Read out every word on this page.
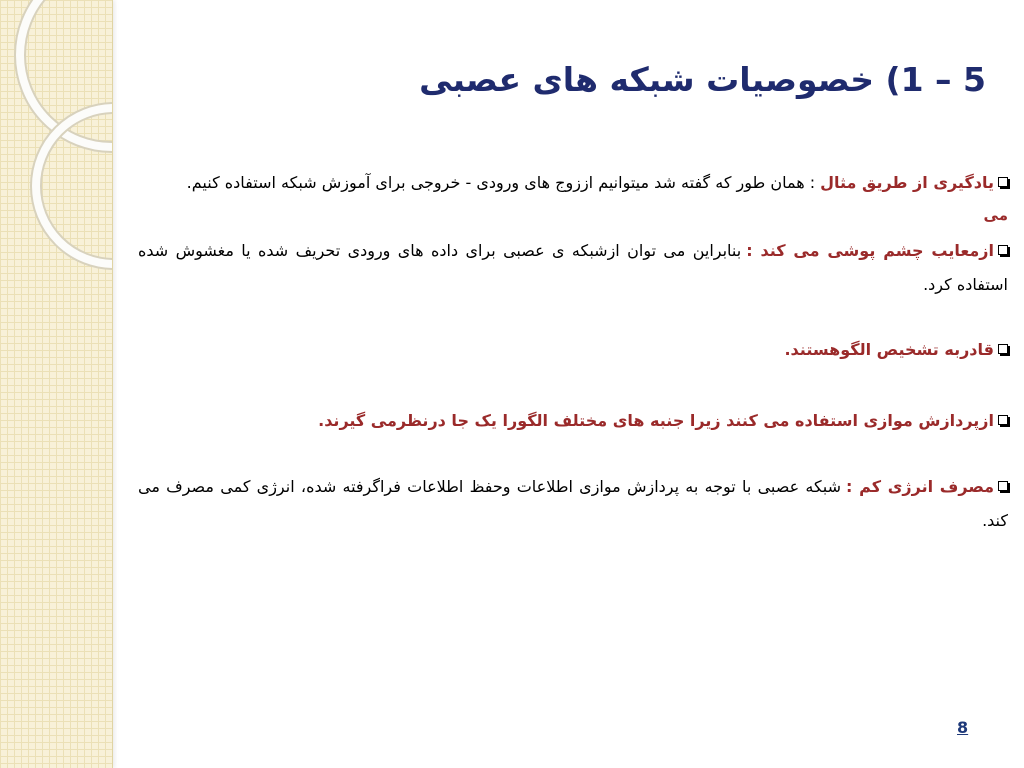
5 – 1) خصوصیات شبکه های عصبی

یادگیری از طریق مثال: همان طور که گفته شد میتوانیم اززوج های ورودی - خروجی برای آموزش شبکه استفاده کنیم.

می

ازمعایب چشم پوشی می کند :بنابراین می توان ازشبکه ی عصبی برای داده های ورودی تحریف شده یا مغشوش شده استفاده کرد.

قادربه تشخیص الگوهستند.

ازپردازش موازی استفاده می کنند زیرا جنبه های مختلف الگورا یک جا درنظرمی گیرند.

مصرف انرژی کم :شبکه عصبی با توجه به پردازش موازی اطلاعات وحفظ اطلاعات فراگرفته شده، انرژی کمی مصرف می کند.

8
